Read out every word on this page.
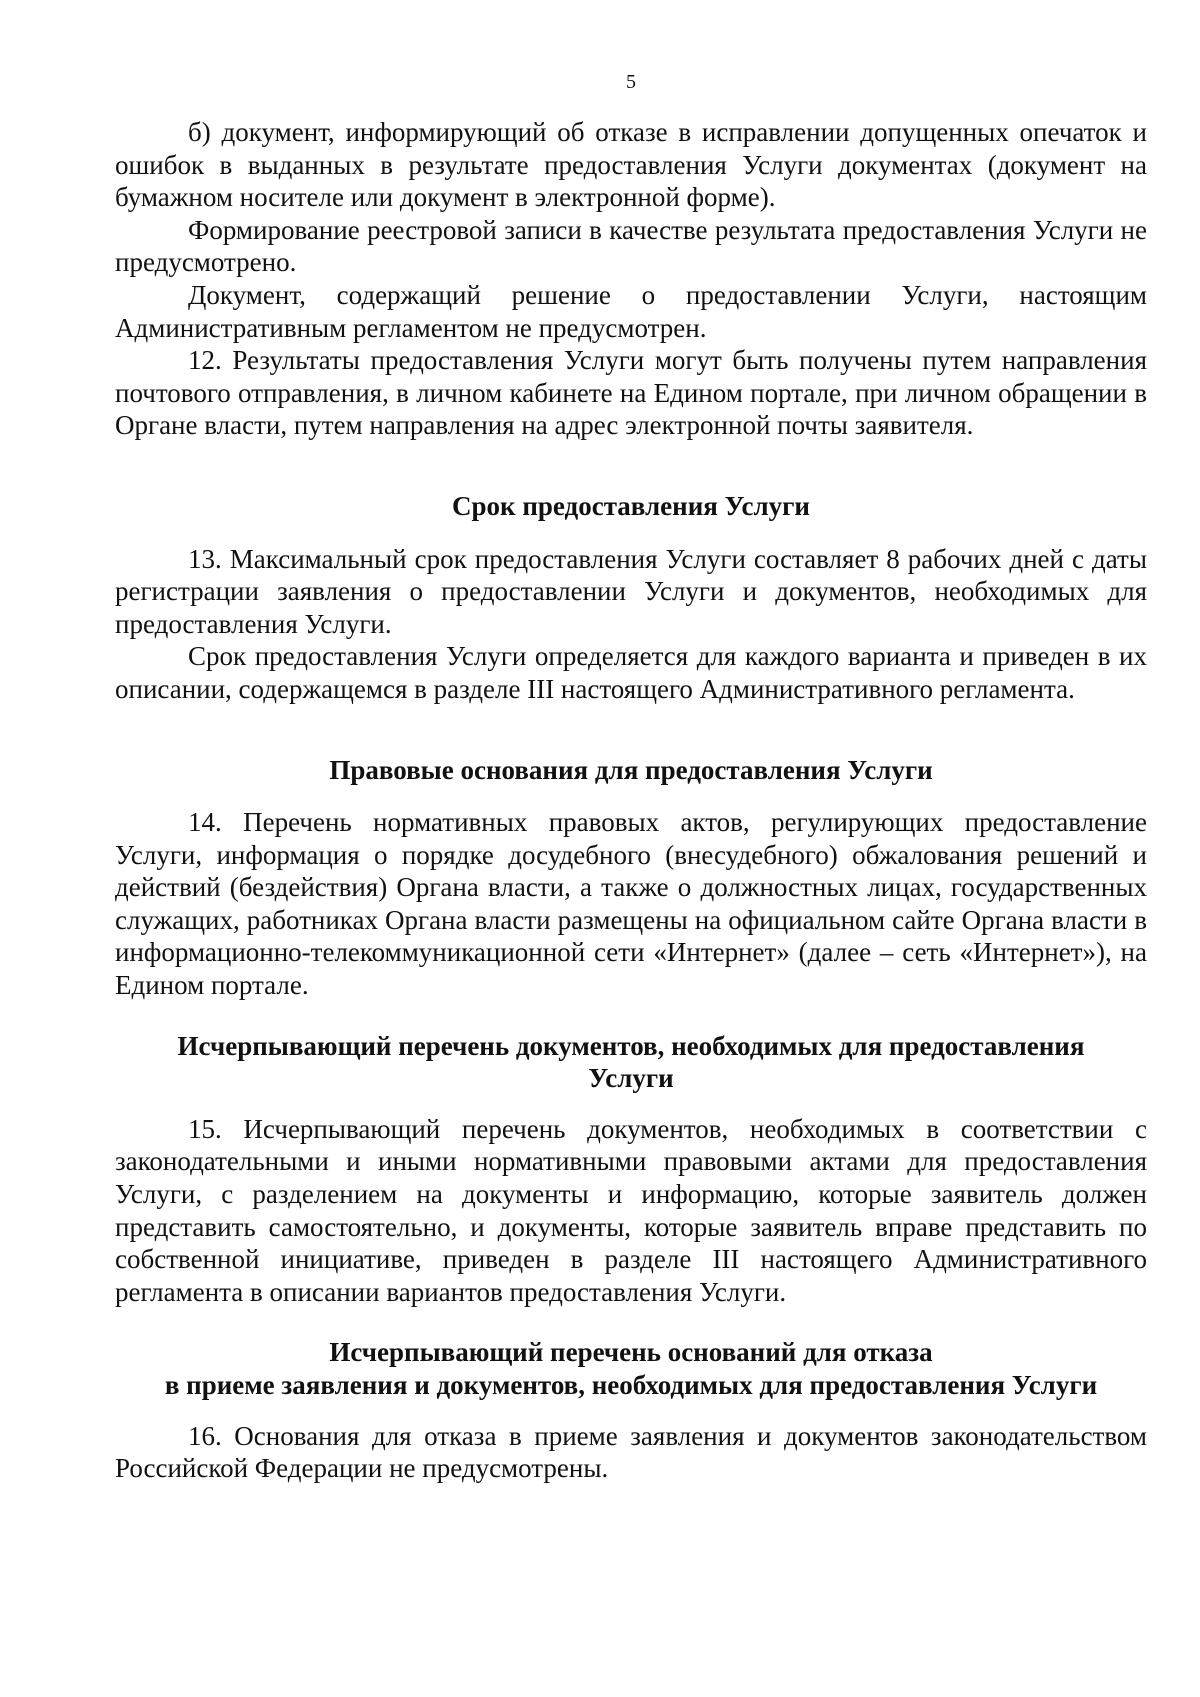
5

б) документ, информирующий об отказе в исправлении допущенных опечаток и ошибок в выданных в результате предоставления Услуги документах (документ на бумажном носителе или документ в электронной форме).

Формирование реестровой записи в качестве результата предоставления Услуги не предусмотрено.

Документ, содержащий решение о предоставлении Услуги, настоящим Административным регламентом не предусмотрен.

12. Результаты предоставления Услуги могут быть получены путем направления почтового отправления, в личном кабинете на Едином портале, при личном обращении в Органе власти, путем направления на адрес электронной почты заявителя.

Срок предоставления Услуги

13. Максимальный срок предоставления Услуги составляет 8 рабочих дней с даты регистрации заявления о предоставлении Услуги и документов, необходимых для предоставления Услуги.

Срок предоставления Услуги определяется для каждого варианта и приведен в их описании, содержащемся в разделе III настоящего Административного регламента.

Правовые основания для предоставления Услуги

14. Перечень нормативных правовых актов, регулирующих предоставление Услуги, информация о порядке досудебного (внесудебного) обжалования решений и действий (бездействия) Органа власти, а также о должностных лицах, государственных служащих, работниках Органа власти размещены на официальном сайте Органа власти в информационно-телекоммуникационной сети «Интернет» (далее – сеть «Интернет»), на Едином портале.

Исчерпывающий перечень документов, необходимых для предоставления
Услуги

15. Исчерпывающий перечень документов, необходимых в соответствии с законодательными и иными нормативными правовыми актами для предоставления Услуги, с разделением на документы и информацию, которые заявитель должен представить самостоятельно, и документы, которые заявитель вправе представить по собственной инициативе, приведен в разделе III настоящего Административного регламента в описании вариантов предоставления Услуги.

Исчерпывающий перечень оснований для отказа
в приеме заявления и документов, необходимых для предоставления Услуги

16. Основания для отказа в приеме заявления и документов законодательством Российской Федерации не предусмотрены.
